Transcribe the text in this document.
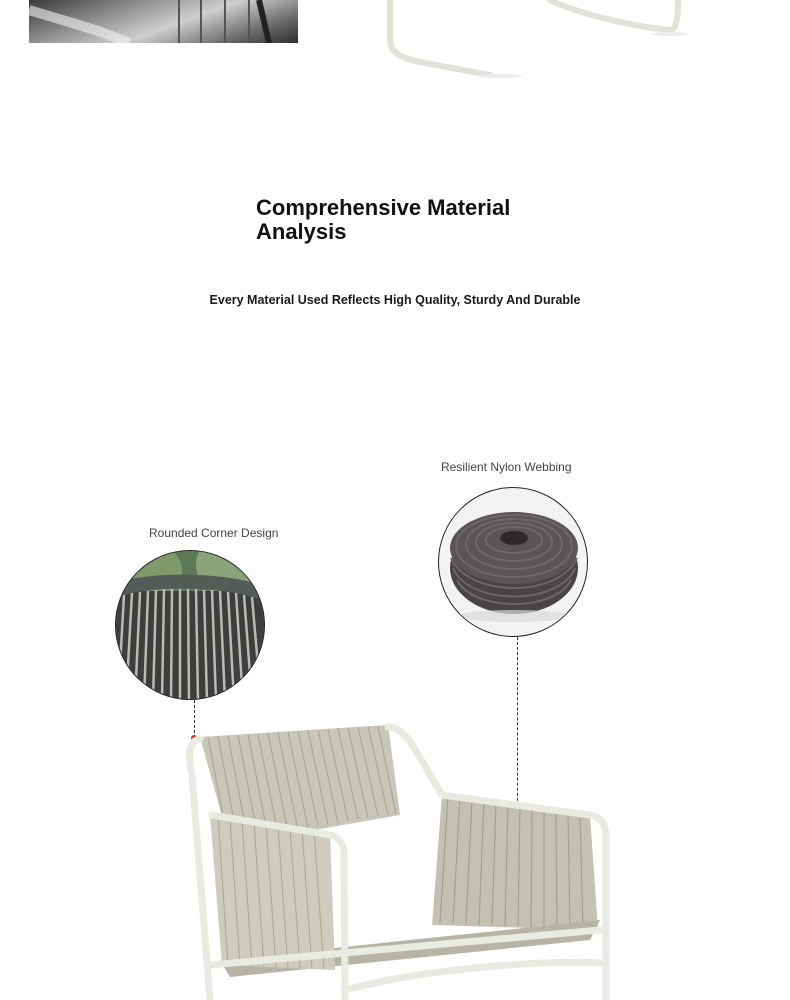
Comprehensive Material Analysis

Every Material Used Reflects High Quality, Sturdy And Durable

Resilient Nylon Webbing
Rounded Corner Design
